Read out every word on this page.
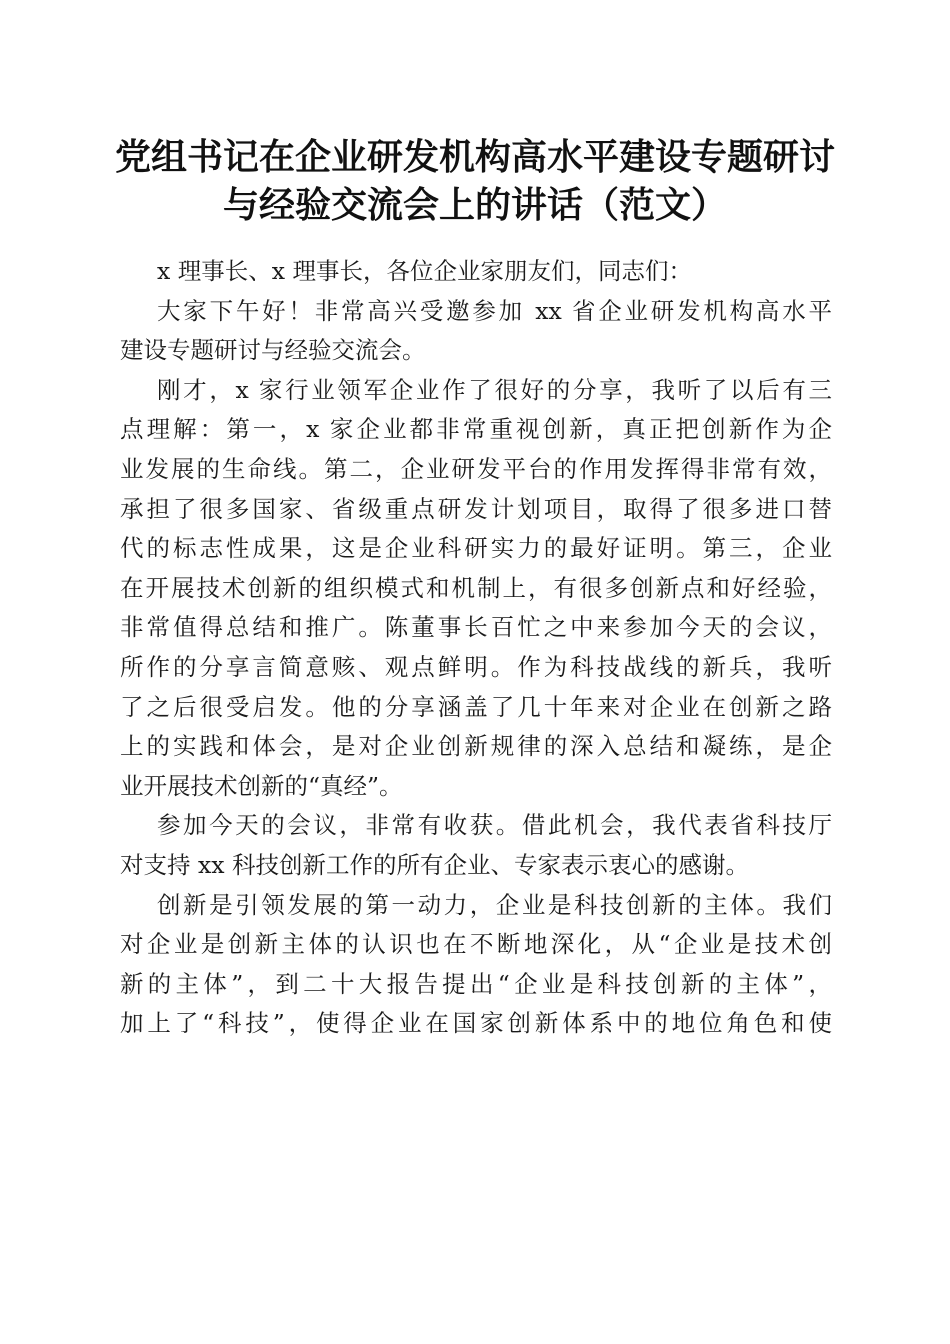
党组书记在企业研发机构高水平建设专题研讨
与经验交流会上的讲话（范文）

x 理事长、x 理事长，各位企业家朋友们，同志们：

大家下午好！非常高兴受邀参加 xx 省企业研发机构高水平

建设专题研讨与经验交流会。

刚才，x 家行业领军企业作了很好的分享，我听了以后有三

点理解：第一，x 家企业都非常重视创新，真正把创新作为企

业发展的生命线。第二，企业研发平台的作用发挥得非常有效，

承担了很多国家、省级重点研发计划项目，取得了很多进口替

代的标志性成果，这是企业科研实力的最好证明。第三，企业

在开展技术创新的组织模式和机制上，有很多创新点和好经验，

非常值得总结和推广。陈董事长百忙之中来参加今天的会议，

所作的分享言简意赅、观点鲜明。作为科技战线的新兵，我听

了之后很受启发。他的分享涵盖了几十年来对企业在创新之路

上的实践和体会，是对企业创新规律的深入总结和凝练，是企

业开展技术创新的“真经”。

参加今天的会议，非常有收获。借此机会，我代表省科技厅

对支持 xx 科技创新工作的所有企业、专家表示衷心的感谢。

创新是引领发展的第一动力，企业是科技创新的主体。我们

对企业是创新主体的认识也在不断地深化，从“企业是技术创

新的主体”，到二十大报告提出“企业是科技创新的主体”，

加上了“科技”，使得企业在国家创新体系中的地位角色和使
